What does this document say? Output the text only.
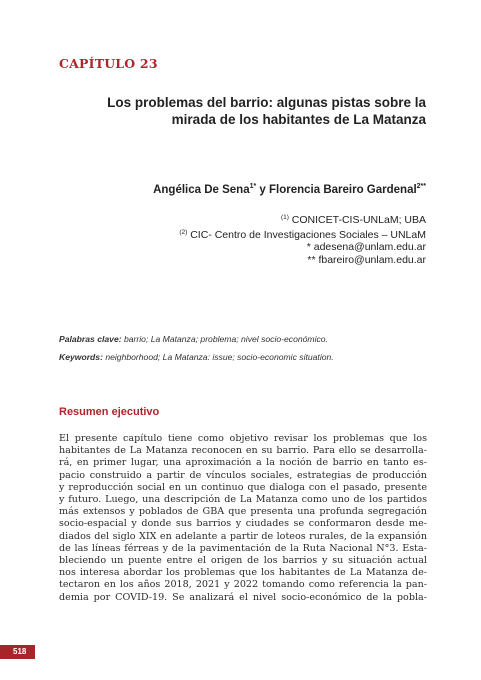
CAPÍTULO 23
Los problemas del barrio: algunas pistas sobre la
mirada de los habitantes de La Matanza
Angélica De Sena$^{1*}$ y Florencia Bareiro Gardenal$^{2**}$
$^{(1)}$ CONICET-CIS-UNLaM; UBA
$^{(2)}$ CIC- Centro de Investigaciones Sociales – UNLaM
* adesena@unlam.edu.ar
** fbareiro@unlam.edu.ar
Palabras clave: barrio; La Matanza; problema; nivel socio-económico.
Keywords: neighborhood; La Matanza: issue; socio-economic situation.
Resumen ejecutivo
El presente capítulo tiene como objetivo revisar los problemas que los
habitantes de La Matanza reconocen en su barrio. Para ello se desarrolla-
rá, en primer lugar, una aproximación a la noción de barrio en tanto es-
pacio construido a partir de vínculos sociales, estrategias de producción
y reproducción social en un continuo que dialoga con el pasado, presente
y futuro. Luego, una descripción de La Matanza como uno de los partidos
más extensos y poblados de GBA que presenta una profunda segregación
socio-espacial y donde sus barrios y ciudades se conformaron desde me-
diados del siglo XIX en adelante a partir de loteos rurales, de la expansión
de las líneas férreas y de la pavimentación de la Ruta Nacional N°3. Esta-
bleciendo un puente entre el origen de los barrios y su situación actual
nos interesa abordar los problemas que los habitantes de La Matanza de-
tectaron en los años 2018, 2021 y 2022 tomando como referencia la pan-
demia por COVID-19. Se analizará el nivel socio-económico de la pobla-
518
